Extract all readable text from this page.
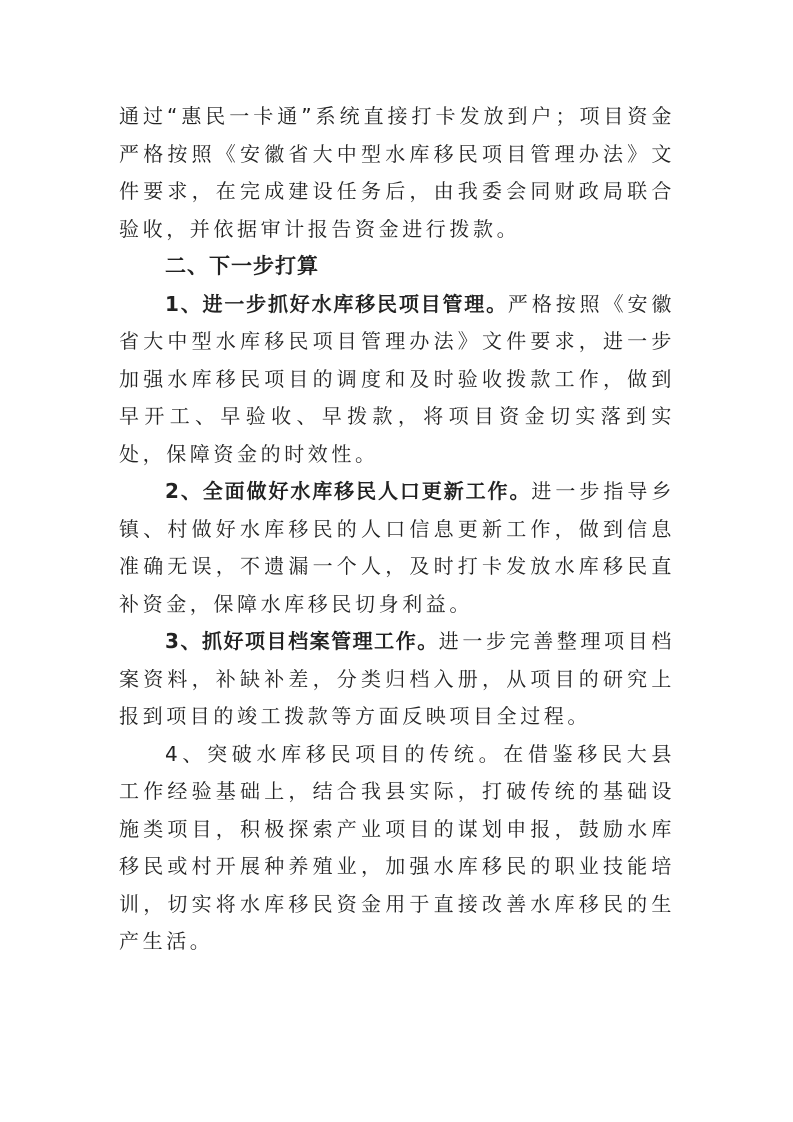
通过“惠民一卡通”系统直接打卡发放到户；项目资金严格按照《安徽省大中型水库移民项目管理办法》文件要求，在完成建设任务后，由我委会同财政局联合验收，并依据审计报告资金进行拨款。

二、下一步打算

1、进一步抓好水库移民项目管理。严格按照《安徽省大中型水库移民项目管理办法》文件要求，进一步加强水库移民项目的调度和及时验收拨款工作，做到早开工、早验收、早拨款，将项目资金切实落到实处，保障资金的时效性。

2、全面做好水库移民人口更新工作。进一步指导乡镇、村做好水库移民的人口信息更新工作，做到信息准确无误，不遗漏一个人，及时打卡发放水库移民直补资金，保障水库移民切身利益。

3、抓好项目档案管理工作。进一步完善整理项目档案资料，补缺补差，分类归档入册，从项目的研究上报到项目的竣工拨款等方面反映项目全过程。

4、突破水库移民项目的传统。在借鉴移民大县工作经验基础上，结合我县实际，打破传统的基础设施类项目，积极探索产业项目的谋划申报，鼓励水库移民或村开展种养殖业，加强水库移民的职业技能培训，切实将水库移民资金用于直接改善水库移民的生产生活。
